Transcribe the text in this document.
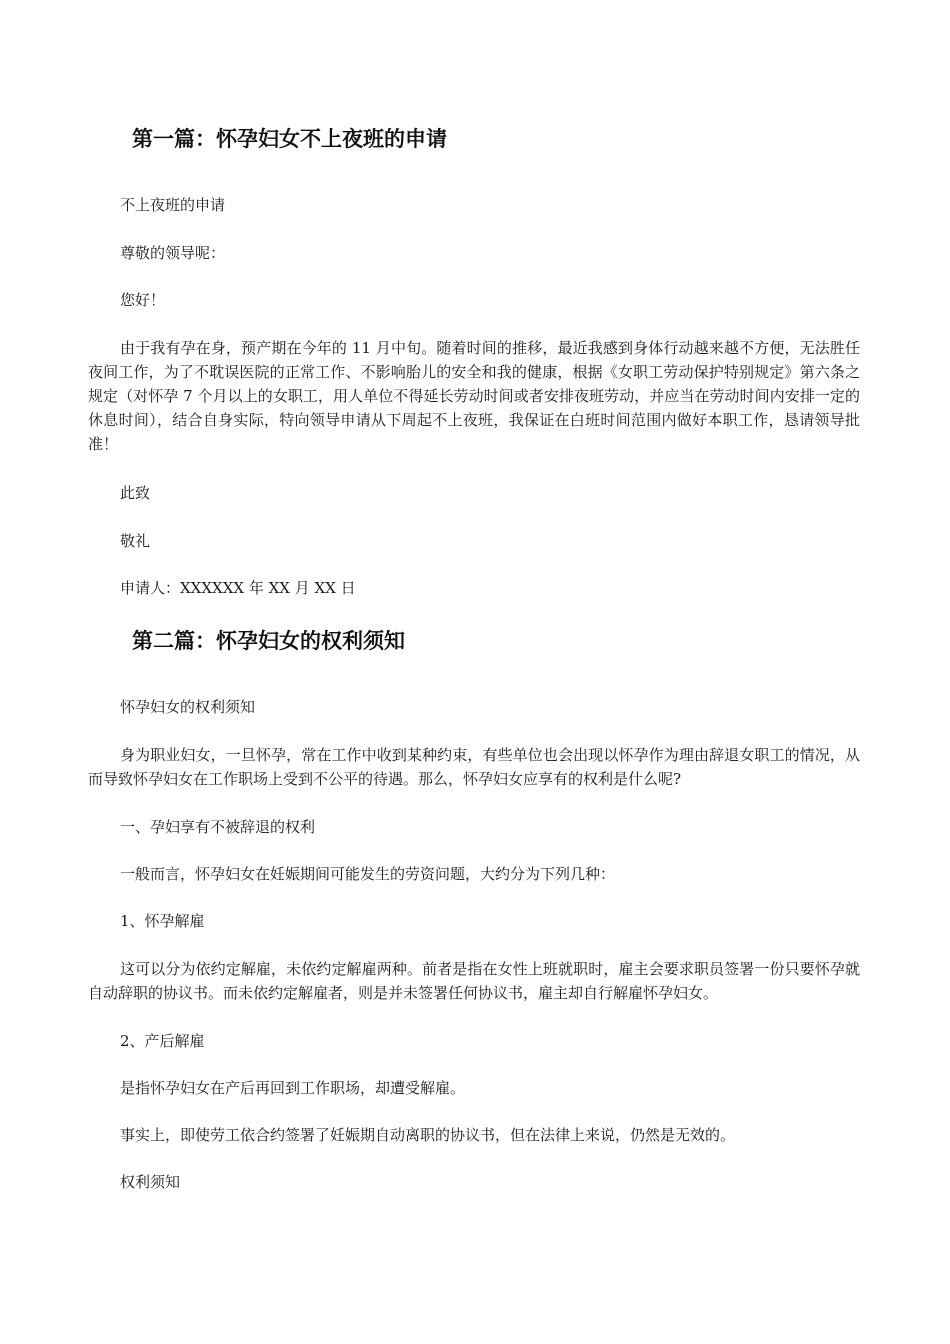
第一篇：怀孕妇女不上夜班的申请

不上夜班的申请

尊敬的领导呢：

您好！

由于我有孕在身，预产期在今年的 11 月中旬。随着时间的推移，最近我感到身体行动越来越不方便，无法胜任夜间工作，为了不耽误医院的正常工作、不影响胎儿的安全和我的健康，根据《女职工劳动保护特别规定》第六条之规定（对怀孕 7 个月以上的女职工，用人单位不得延长劳动时间或者安排夜班劳动，并应当在劳动时间内安排一定的休息时间），结合自身实际，特向领导申请从下周起不上夜班，我保证在白班时间范围内做好本职工作，恳请领导批准！

此致

敬礼

申请人：XXXXXX 年 XX 月 XX 日

第二篇：怀孕妇女的权利须知

怀孕妇女的权利须知

身为职业妇女，一旦怀孕，常在工作中收到某种约束，有些单位也会出现以怀孕作为理由辞退女职工的情况，从而导致怀孕妇女在工作职场上受到不公平的待遇。那么，怀孕妇女应享有的权利是什么呢?

一、孕妇享有不被辞退的权利

一般而言，怀孕妇女在妊娠期间可能发生的劳资问题，大约分为下列几种：

1、怀孕解雇

这可以分为依约定解雇，未依约定解雇两种。前者是指在女性上班就职时，雇主会要求职员签署一份只要怀孕就自动辞职的协议书。而未依约定解雇者，则是并未签署任何协议书，雇主却自行解雇怀孕妇女。

2、产后解雇

是指怀孕妇女在产后再回到工作职场，却遭受解雇。

事实上，即使劳工依合约签署了妊娠期自动离职的协议书，但在法律上来说，仍然是无效的。

权利须知
